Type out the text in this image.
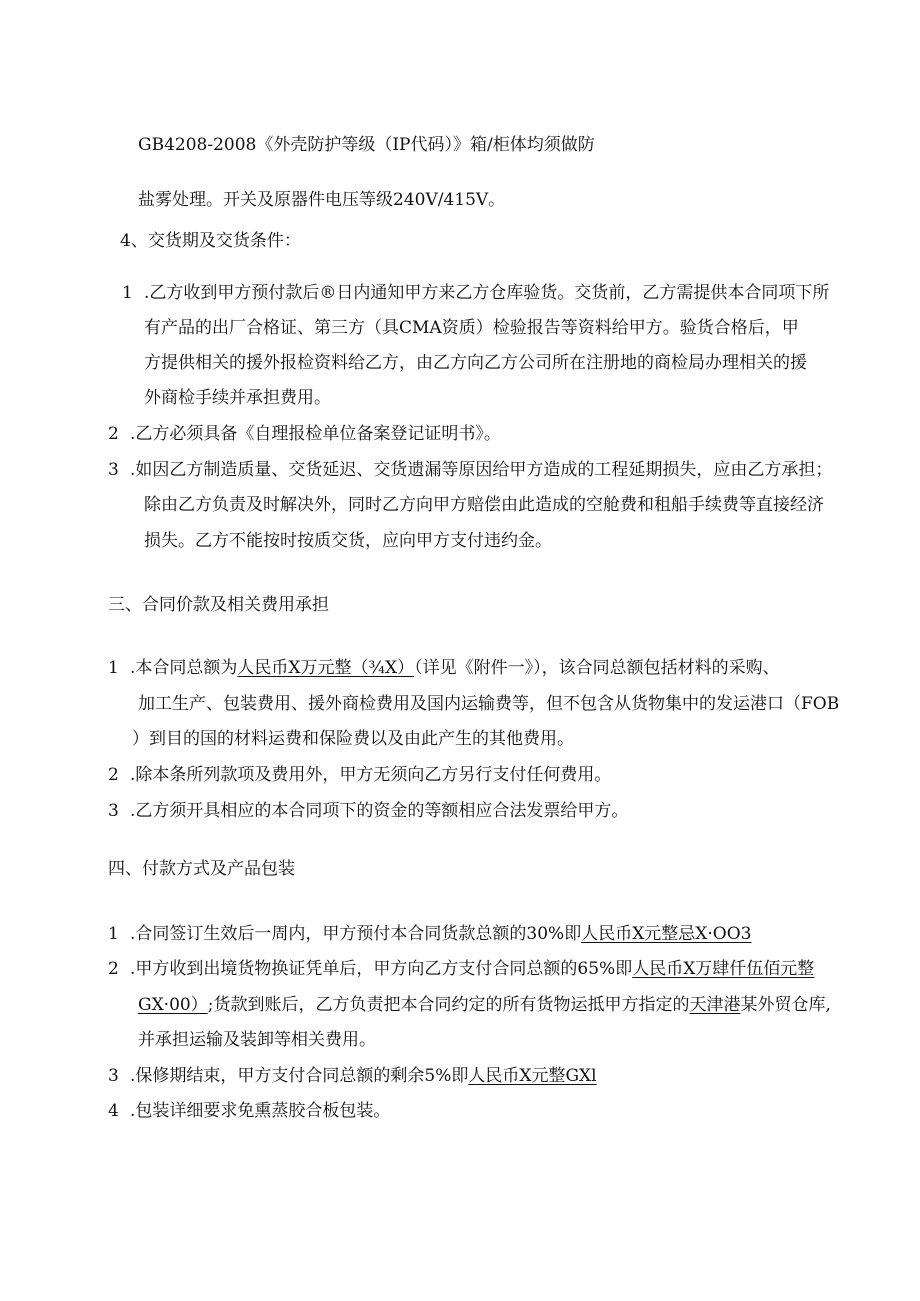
GB4208-2008《外壳防护等级（IP代码）》箱/柜体均须做防
盐雾处理。开关及原器件电压等级240V/415V。
4、交货期及交货条件：
1 .乙方收到甲方预付款后®日内通知甲方来乙方仓库验货。交货前，乙方需提供本合同项下所
有产品的出厂合格证、第三方（具CMA资质）检验报告等资料给甲方。验货合格后，甲
方提供相关的援外报检资料给乙方，由乙方向乙方公司所在注册地的商检局办理相关的援
外商检手续并承担费用。
2 .乙方必须具备《自理报检单位备案登记证明书》。
3 .如因乙方制造质量、交货延迟、交货遗漏等原因给甲方造成的工程延期损失，应由乙方承担；
除由乙方负责及时解决外，同时乙方向甲方赔偿由此造成的空舱费和租船手续费等直接经济
损失。乙方不能按时按质交货，应向甲方支付违约金。
三、合同价款及相关费用承担
1 .本合同总额为人民币X万元整（¾X）（详见《附件一》），该合同总额包括材料的采购、
加工生产、包装费用、援外商检费用及国内运输费等，但不包含从货物集中的发运港口（FOB
）到目的国的材料运费和保险费以及由此产生的其他费用。
2 .除本条所列款项及费用外，甲方无须向乙方另行支付任何费用。
3 .乙方须开具相应的本合同项下的资金的等额相应合法发票给甲方。
四、付款方式及产品包装
1 .合同签订生效后一周内，甲方预付本合同货款总额的30%即人民币X元整忌X·OO3
2 .甲方收到出境货物换证凭单后，甲方向乙方支付合同总额的65%即人民币X万肆仟伍佰元整
GX·00）;货款到账后，乙方负责把本合同约定的所有货物运抵甲方指定的天津港某外贸仓库,
并承担运输及装卸等相关费用。
3 .保修期结束，甲方支付合同总额的剩余5%即人民币X元整GXl
4 .包装详细要求免熏蒸胶合板包装。
